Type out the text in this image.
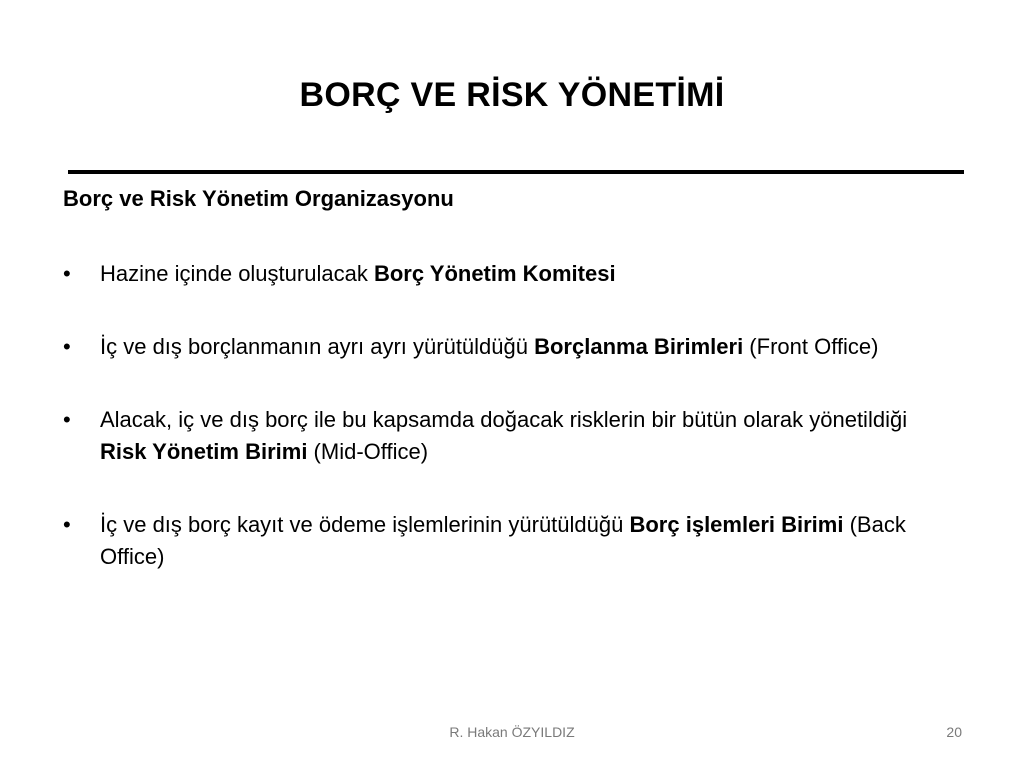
BORÇ VE RİSK YÖNETİMİ
Borç ve Risk Yönetim Organizasyonu
•	Hazine içinde oluşturulacak Borç Yönetim Komitesi
•	İç ve dış borçlanmanın ayrı ayrı yürütüldüğü Borçlanma Birimleri (Front Office)
•	Alacak, iç ve dış borç ile bu kapsamda doğacak risklerin bir bütün olarak yönetildiği Risk Yönetim Birimi (Mid-Office)
•	İç ve dış borç kayıt ve ödeme işlemlerinin yürütüldüğü Borç işlemleri Birimi (Back Office)
R. Hakan ÖZYILDIZ	20
